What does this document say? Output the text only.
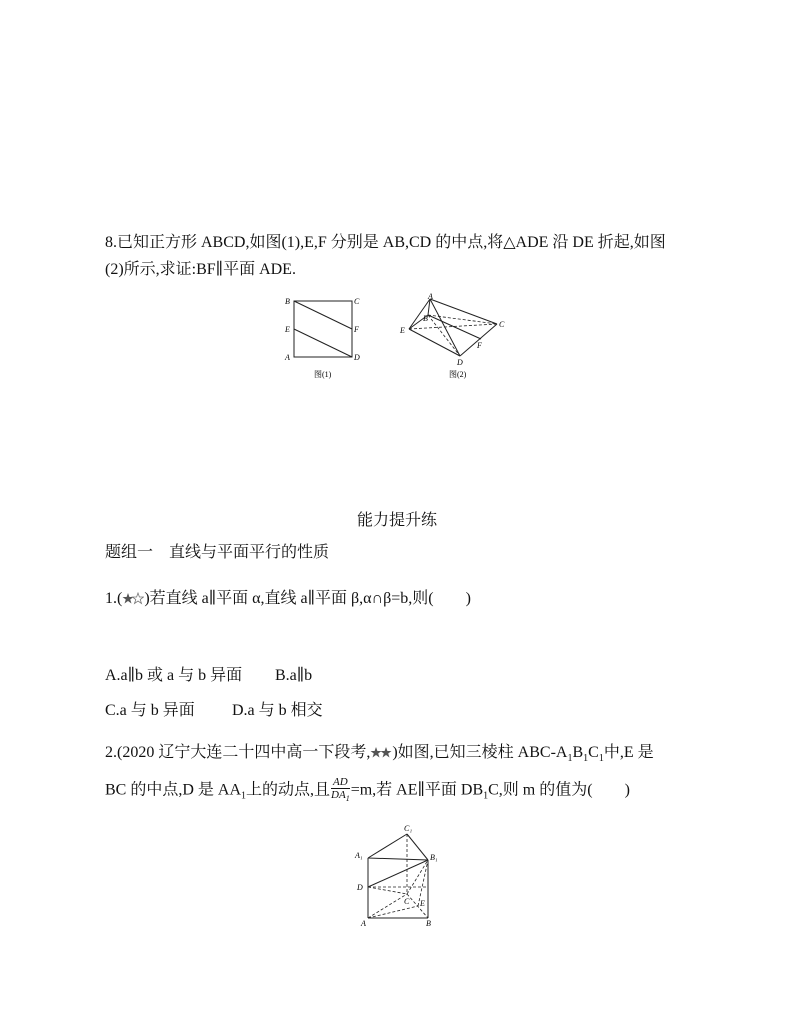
8.已知正方形 ABCD,如图(1),E,F 分别是 AB,CD 的中点,将△ADE 沿 DE 折起,如图
(2)所示,求证:BF∥平面 ADE.
B	C
E	F
A	D
图(1)
A
B
E
C
F
D
图(2)
能力提升练
题组一　直线与平面平行的性质
1.( )若直线 a∥平面 α,直线 a∥平面 β,α∩β=b,则(　　)
A.a∥b 或 a 与 b 异面 B.a∥b
C.a 与 b 异面 D.a 与 b 相交
2.(2020 辽宁大连二十四中高一下段考, )如图,已知三棱柱 ABC-$A_1B_1C_1$中,E 是
BC 的中点,D 是 $AA_1$上的动点,且 $\frac{AD}{DA_1} =m$,若 AE∥平面 $DB_1C$,则 m 的值为(　　)
C₁
A₁	B₁
D
C E
A	B
